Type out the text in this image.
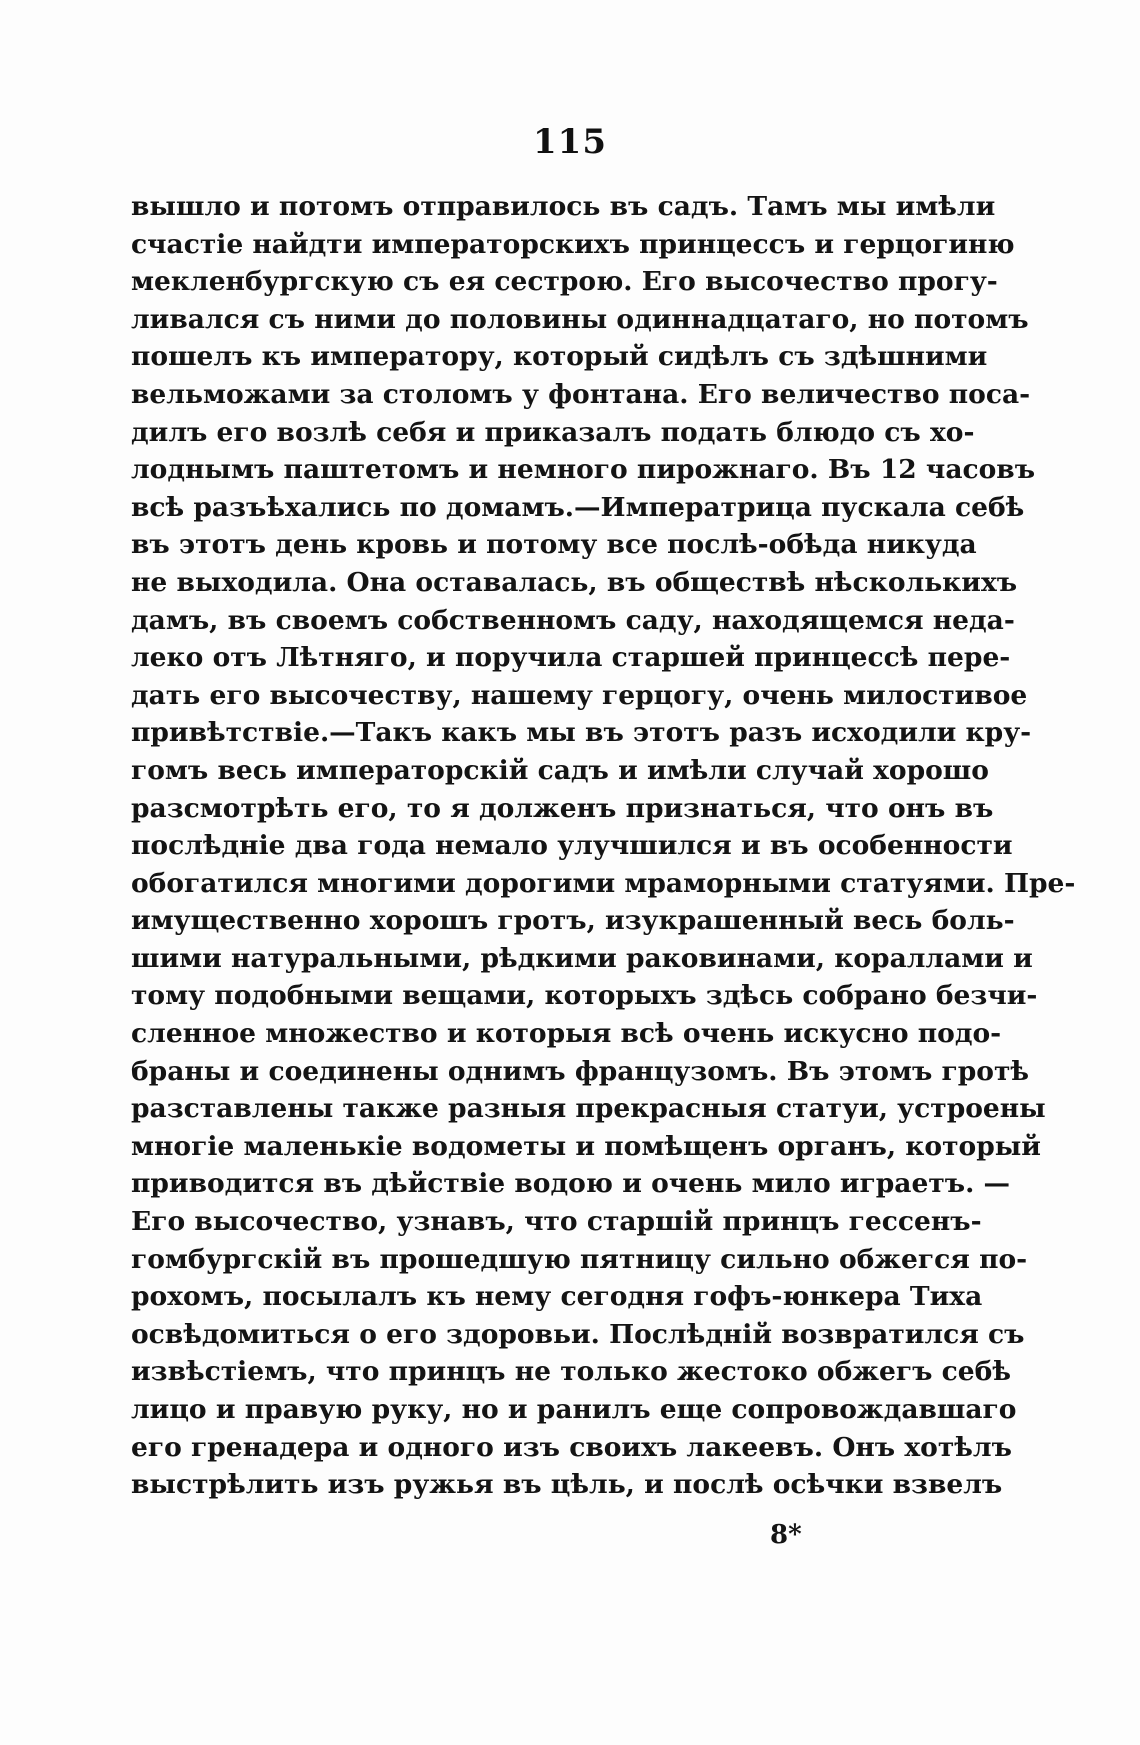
115
вышло и потомъ отправилось въ садъ. Тамъ мы имѣли
счастіе найдти императорскихъ принцессъ и герцогиню
мекленбургскую съ ея сестрою. Его высочество прогу-
ливался съ ними до половины одиннадцатаго, но потомъ
пошелъ къ императору, который сидѣлъ съ здѣшними
вельможами за столомъ у фонтана. Его величество поса-
дилъ его возлѣ себя и приказалъ подать блюдо съ хо-
лоднымъ паштетомъ и немного пирожнаго. Въ 12 часовъ
всѣ разъѣхались по домамъ.—Императрица пускала себѣ
въ этотъ день кровь и потому все послѣ-обѣда никуда
не выходила. Она оставалась, въ обществѣ нѣсколькихъ
дамъ, въ своемъ собственномъ саду, находящемся неда-
леко отъ Лѣтняго, и поручила старшей принцессѣ пере-
дать его высочеству, нашему герцогу, очень милостивое
привѣтствіе.—Такъ какъ мы въ этотъ разъ исходили кру-
гомъ весь императорскій садъ и имѣли случай хорошо
разсмотрѣть его, то я долженъ признаться, что онъ въ
послѣдніе два года немало улучшился и въ особенности
обогатился многими дорогими мраморными статуями. Пре-
имущественно хорошъ гротъ, изукрашенный весь боль-
шими натуральными, рѣдкими раковинами, кораллами и
тому подобными вещами, которыхъ здѣсь собрано безчи-
сленное множество и которыя всѣ очень искусно подо-
браны и соединены однимъ французомъ. Въ этомъ гротѣ
разставлены также разныя прекрасныя статуи, устроены
многіе маленькіе водометы и помѣщенъ органъ, который
приводится въ дѣйствіе водою и очень мило играетъ. —
Его высочество, узнавъ, что старшій принцъ гессенъ-
гомбургскій въ прошедшую пятницу сильно обжегся по-
рохомъ, посылалъ къ нему сегодня гофъ-юнкера Тиха
освѣдомиться о его здоровьи. Послѣдній возвратился съ
извѣстіемъ, что принцъ не только жестоко обжегъ себѣ
лицо и правую руку, но и ранилъ еще сопровождавшаго
его гренадера и одного изъ своихъ лакеевъ. Онъ хотѣлъ
выстрѣлить изъ ружья въ цѣль, и послѣ осѣчки взвелъ
8*
